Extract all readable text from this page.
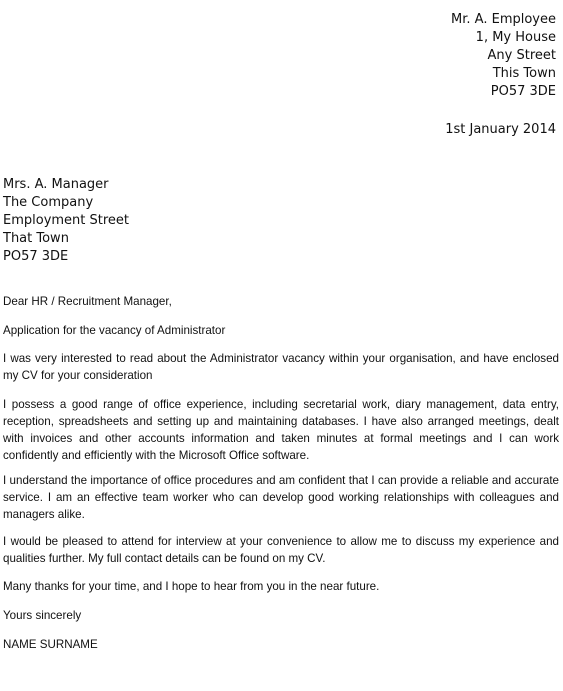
Mr. A. Employee
1, My House
Any Street
This Town
PO57 3DE
1st January 2014
Mrs. A. Manager
The Company
Employment Street
That Town
PO57 3DE
Dear HR / Recruitment Manager,
Application for the vacancy of Administrator
I was very interested to read about the Administrator vacancy within your organisation, and have enclosed my CV for your consideration
I possess a good range of office experience, including secretarial work, diary management, data entry, reception, spreadsheets and setting up and maintaining databases. I have also arranged meetings, dealt with invoices and other accounts information and taken minutes at formal meetings and I can work confidently and efficiently with the Microsoft Office software.
I understand the importance of office procedures and am confident that I can provide a reliable and accurate service. I am an effective team worker who can develop good working relationships with colleagues and managers alike.
I would be pleased to attend for interview at your convenience to allow me to discuss my experience and qualities further. My full contact details can be found on my CV.
Many thanks for your time, and I hope to hear from you in the near future.
Yours sincerely
NAME SURNAME
